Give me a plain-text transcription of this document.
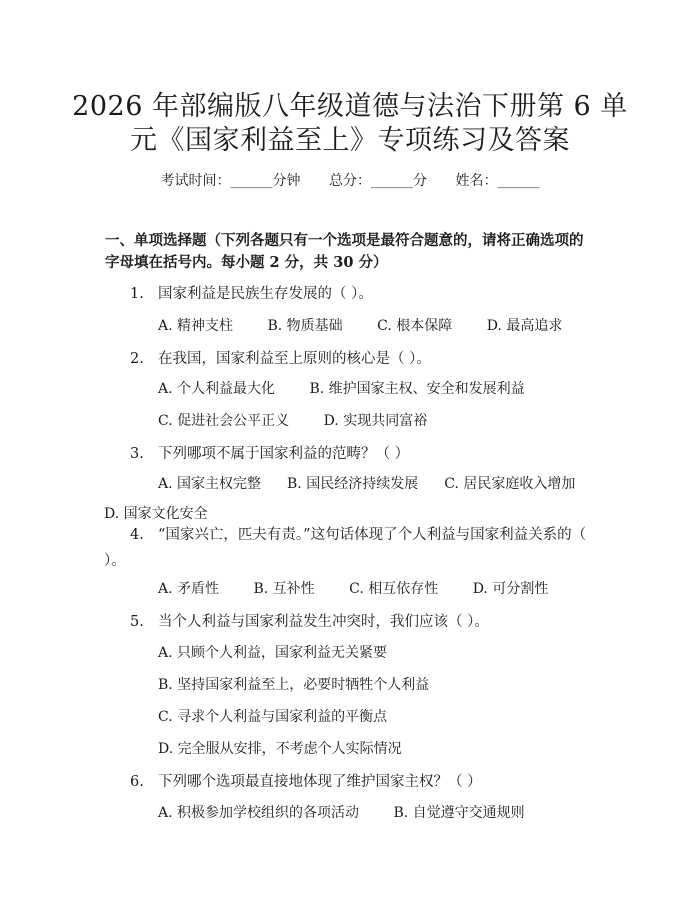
2026 年部编版八年级道德与法治下册第 6 单
元《国家利益至上》专项练习及答案
考试时间：______分钟 总分：______分 姓名：______
一、单项选择题（下列各题只有一个选项是最符合题意的，请将正确选项的字母填在括号内。每小题 2 分，共 30 分）
1. 国家利益是民族生存发展的（ ）。
A. 精神支柱 B. 物质基础 C. 根本保障 D. 最高追求
2. 在我国，国家利益至上原则的核心是（ ）。
A. 个人利益最大化 B. 维护国家主权、安全和发展利益
C. 促进社会公平正义 D. 实现共同富裕
3. 下列哪项不属于国家利益的范畴？（ ）
A. 国家主权完整 B. 国民经济持续发展 C. 居民家庭收入增加
D. 国家文化安全
4. “国家兴亡，匹夫有责。”这句话体现了个人利益与国家利益关系的（ ）。
A. 矛盾性 B. 互补性 C. 相互依存性 D. 可分割性
5. 当个人利益与国家利益发生冲突时，我们应该（ ）。
A. 只顾个人利益，国家利益无关紧要
B. 坚持国家利益至上，必要时牺牲个人利益
C. 寻求个人利益与国家利益的平衡点
D. 完全服从安排，不考虑个人实际情况
6. 下列哪个选项最直接地体现了维护国家主权？（ ）
A. 积极参加学校组织的各项活动 B. 自觉遵守交通规则
